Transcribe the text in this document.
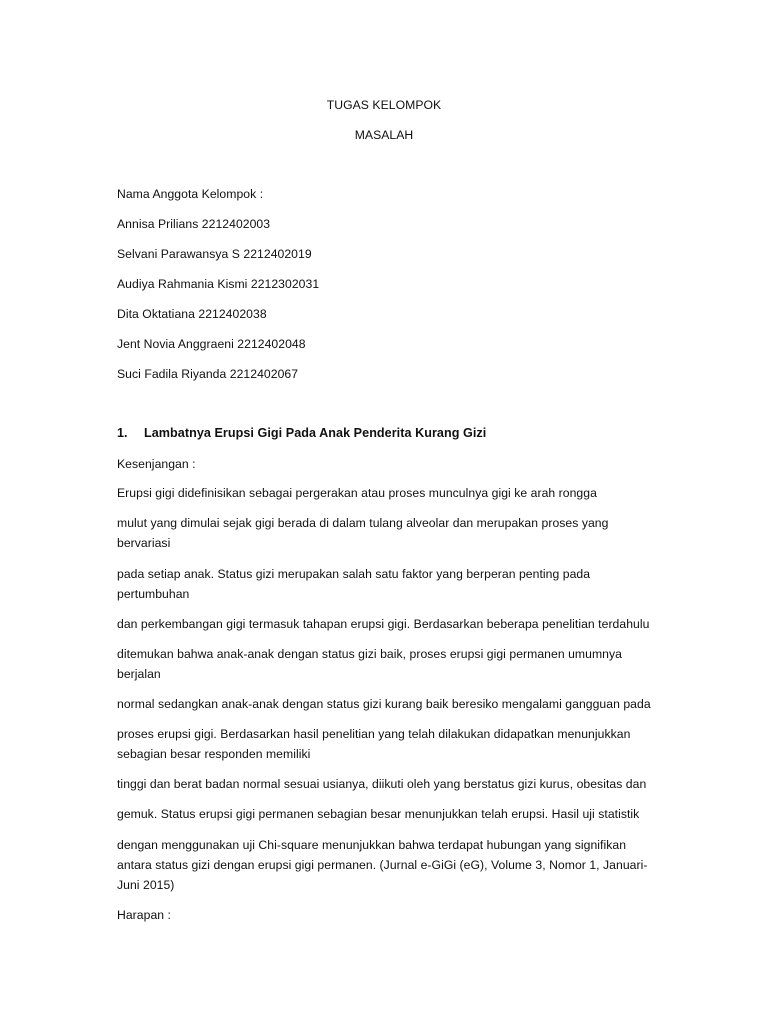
TUGAS KELOMPOK
MASALAH
Nama Anggota Kelompok :
Annisa Prilians 2212402003
Selvani Parawansya S 2212402019
Audiya Rahmania Kismi 2212302031
Dita Oktatiana 2212402038
Jent Novia Anggraeni 2212402048
Suci Fadila Riyanda 2212402067
1. Lambatnya Erupsi Gigi Pada Anak Penderita Kurang Gizi
Kesenjangan :
Erupsi gigi didefinisikan sebagai pergerakan atau proses munculnya gigi ke arah rongga
mulut yang dimulai sejak gigi berada di dalam tulang alveolar dan merupakan proses yang bervariasi
pada setiap anak. Status gizi merupakan salah satu faktor yang berperan penting pada pertumbuhan
dan perkembangan gigi termasuk tahapan erupsi gigi. Berdasarkan beberapa penelitian terdahulu
ditemukan bahwa anak-anak dengan status gizi baik, proses erupsi gigi permanen umumnya berjalan
normal sedangkan anak-anak dengan status gizi kurang baik beresiko mengalami gangguan pada
proses erupsi gigi. Berdasarkan hasil penelitian yang telah dilakukan didapatkan menunjukkan sebagian besar responden memiliki
tinggi dan berat badan normal sesuai usianya, diikuti oleh yang berstatus gizi kurus, obesitas dan
gemuk. Status erupsi gigi permanen sebagian besar menunjukkan telah erupsi. Hasil uji statistik
dengan menggunakan uji Chi-square menunjukkan bahwa terdapat hubungan yang signifikan antara status gizi dengan erupsi gigi permanen. (Jurnal e-GiGi (eG), Volume 3, Nomor 1, Januari-Juni 2015)
Harapan :
